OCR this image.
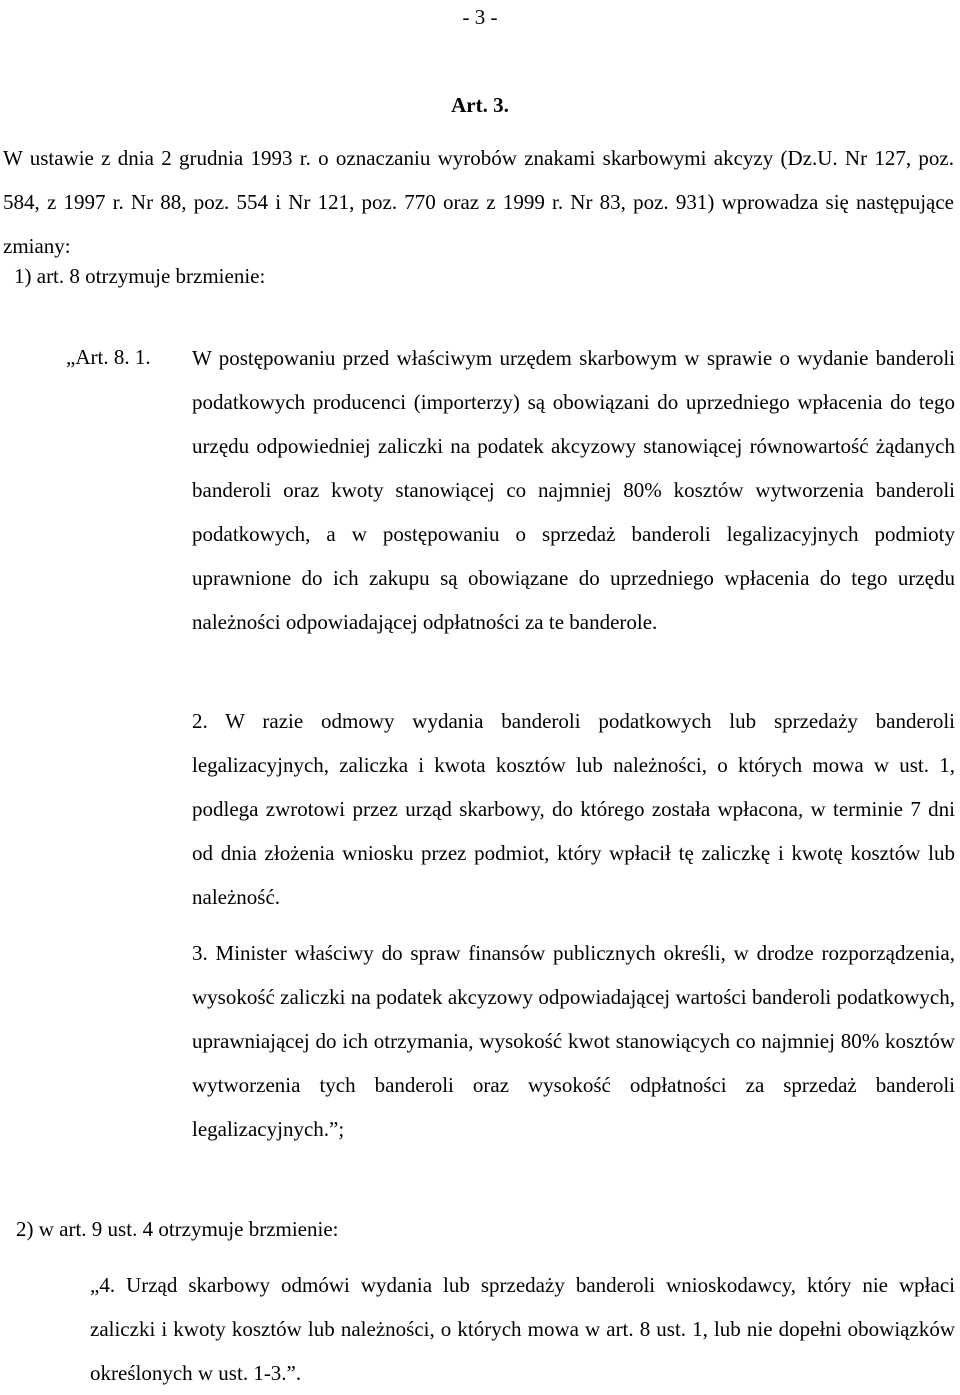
- 3 -
Art. 3.

W ustawie z dnia 2 grudnia 1993 r. o oznaczaniu wyrobów znakami skarbowymi akcyzy (Dz.U. Nr 127, poz. 584, z 1997 r. Nr 88, poz. 554 i Nr 121, poz. 770 oraz z 1999 r. Nr 83, poz. 931) wprowadza się następujące zmiany:

1) art. 8 otrzymuje brzmienie:

„Art. 8. 1. W postępowaniu przed właściwym urzędem skarbowym w sprawie o wydanie banderoli podatkowych producenci (importerzy) są obowiązani do uprzedniego wpłacenia do tego urzędu odpowiedniej zaliczki na podatek akcyzowy stanowiącej równowartość żądanych banderoli oraz kwoty stanowiącej co najmniej 80% kosztów wytworzenia banderoli podatkowych, a w postępowaniu o sprzedaż banderoli legalizacyjnych podmioty uprawnione do ich zakupu są obowiązane do uprzedniego wpłacenia do tego urzędu należności odpowiadającej odpłatności za te banderole.

2. W razie odmowy wydania banderoli podatkowych lub sprzedaży banderoli legalizacyjnych, zaliczka i kwota kosztów lub należności, o których mowa w ust. 1, podlega zwrotowi przez urząd skarbowy, do którego została wpłacona, w terminie 7 dni od dnia złożenia wniosku przez podmiot, który wpłacił tę zaliczkę i kwotę kosztów lub należność.

3. Minister właściwy do spraw finansów publicznych określi, w drodze rozporządzenia, wysokość zaliczki na podatek akcyzowy odpowiadającej wartości banderoli podatkowych, uprawniającej do ich otrzymania, wysokość kwot stanowiących co najmniej 80% kosztów wytworzenia tych banderoli oraz wysokość odpłatności za sprzedaż banderoli legalizacyjnych.”;

2) w art. 9 ust. 4 otrzymuje brzmienie:

„4. Urząd skarbowy odmówi wydania lub sprzedaży banderoli wnioskodawcy, który nie wpłaci zaliczki i kwoty kosztów lub należności, o których mowa w art. 8 ust. 1, lub nie dopełni obowiązków określonych w ust. 1-3.”.
